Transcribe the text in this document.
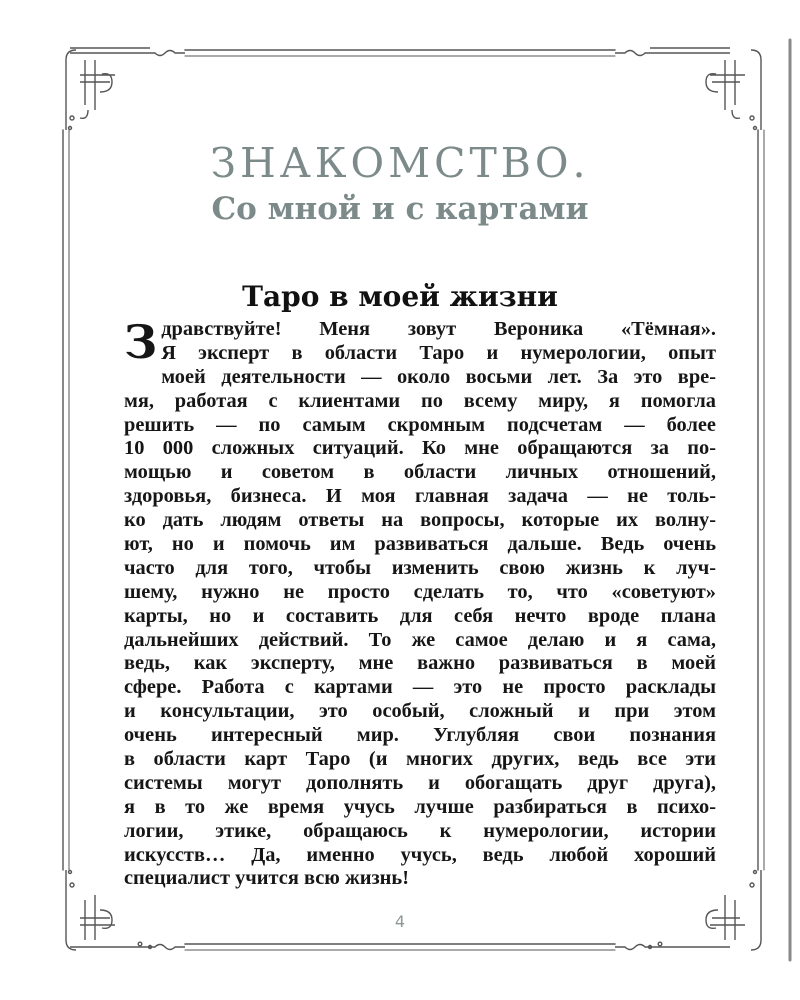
ЗНАКОМСТВО.
Со мной и с картами
Таро в моей жизни
З дравствуйте! Меня зовут Вероника «Тёмная».
Я эксперт в области Таро и нумерологии, опыт
моей деятельности — около восьми лет. За это вре-
мя, работая с клиентами по всему миру, я помогла
решить — по самым скромным подсчетам — более
10 000 сложных ситуаций. Ко мне обращаются за по-
мощью и советом в области личных отношений,
здоровья, бизнеса. И моя главная задача — не толь-
ко дать людям ответы на вопросы, которые их волну-
ют, но и помочь им развиваться дальше. Ведь очень
часто для того, чтобы изменить свою жизнь к луч-
шему, нужно не просто сделать то, что «советуют»
карты, но и составить для себя нечто вроде плана
дальнейших действий. То же самое делаю и я сама,
ведь, как эксперту, мне важно развиваться в моей
сфере. Работа с картами — это не просто расклады
и консультации, это особый, сложный и при этом
очень интересный мир. Углубляя свои познания
в области карт Таро (и многих других, ведь все эти
системы могут дополнять и обогащать друг друга),
я в то же время учусь лучше разбираться в психо-
логии, этике, обращаюсь к нумерологии, истории
искусств… Да, именно учусь, ведь любой хороший
специалист учится всю жизнь!
4
